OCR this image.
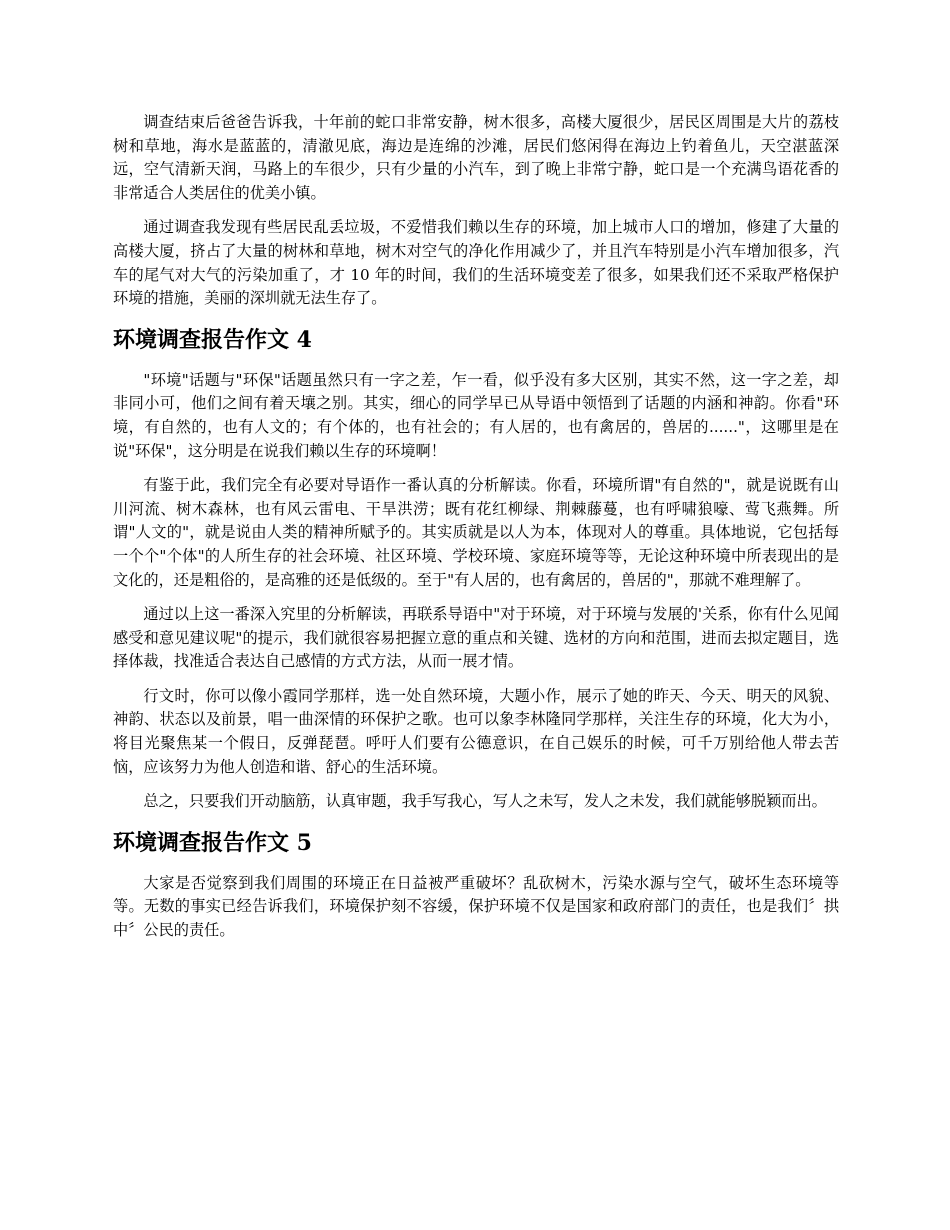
调查结束后爸爸告诉我，十年前的蛇口非常安静，树木很多，高楼大厦很少，居民区周围是大片的荔枝树和草地，海水是蓝蓝的，清澈见底，海边是连绵的沙滩，居民们悠闲得在海边上钓着鱼儿，天空湛蓝深远，空气清新天润，马路上的车很少，只有少量的小汽车，到了晚上非常宁静，蛇口是一个充满鸟语花香的非常适合人类居住的优美小镇。

通过调查我发现有些居民乱丢垃圾，不爱惜我们赖以生存的环境，加上城市人口的增加，修建了大量的高楼大厦，挤占了大量的树林和草地，树木对空气的净化作用减少了，并且汽车特别是小汽车增加很多，汽车的尾气对大气的污染加重了，才 10 年的时间，我们的生活环境变差了很多，如果我们还不采取严格保护环境的措施，美丽的深圳就无法生存了。

环境调查报告作文 4

"环境"话题与"环保"话题虽然只有一字之差，乍一看，似乎没有多大区别，其实不然，这一字之差，却非同小可，他们之间有着天壤之别。其实，细心的同学早已从导语中领悟到了话题的内涵和神韵。你看"环境，有自然的，也有人文的；有个体的，也有社会的；有人居的，也有禽居的，兽居的......"，这哪里是在说"环保"，这分明是在说我们赖以生存的环境啊！

有鉴于此，我们完全有必要对导语作一番认真的分析解读。你看，环境所谓"有自然的"，就是说既有山川河流、树木森林，也有风云雷电、干旱洪涝；既有花红柳绿、荆棘藤蔓，也有呼啸狼嚎、莺飞燕舞。所谓"人文的"，就是说由人类的精神所赋予的。其实质就是以人为本，体现对人的尊重。具体地说，它包括每一个个"个体"的人所生存的社会环境、社区环境、学校环境、家庭环境等等，无论这种环境中所表现出的是文化的，还是粗俗的，是高雅的还是低级的。至于"有人居的，也有禽居的，兽居的"，那就不难理解了。

通过以上这一番深入究里的分析解读，再联系导语中"对于环境，对于环境与发展的'关系，你有什么见闻感受和意见建议呢"的提示，我们就很容易把握立意的重点和关键、选材的方向和范围，进而去拟定题目，选择体裁，找准适合表达自己感情的方式方法，从而一展才情。

行文时，你可以像小霞同学那样，选一处自然环境，大题小作，展示了她的昨天、今天、明天的风貌、神韵、状态以及前景，唱一曲深情的环保护之歌。也可以象李林隆同学那样，关注生存的环境，化大为小，将目光聚焦某一个假日，反弹琵琶。呼吁人们要有公德意识，在自己娱乐的时候，可千万别给他人带去苦恼，应该努力为他人创造和谐、舒心的生活环境。

总之，只要我们开动脑筋，认真审题，我手写我心，写人之未写，发人之未发，我们就能够脱颖而出。

环境调查报告作文 5

大家是否觉察到我们周围的环境正在日益被严重破坏？乱砍树木，污染水源与空气，破坏生态环境等等。无数的事实已经告诉我们，环境保护刻不容缓，保护环境不仅是国家和政府部门的责任，也是我们〞拱中〞公民的责任。
